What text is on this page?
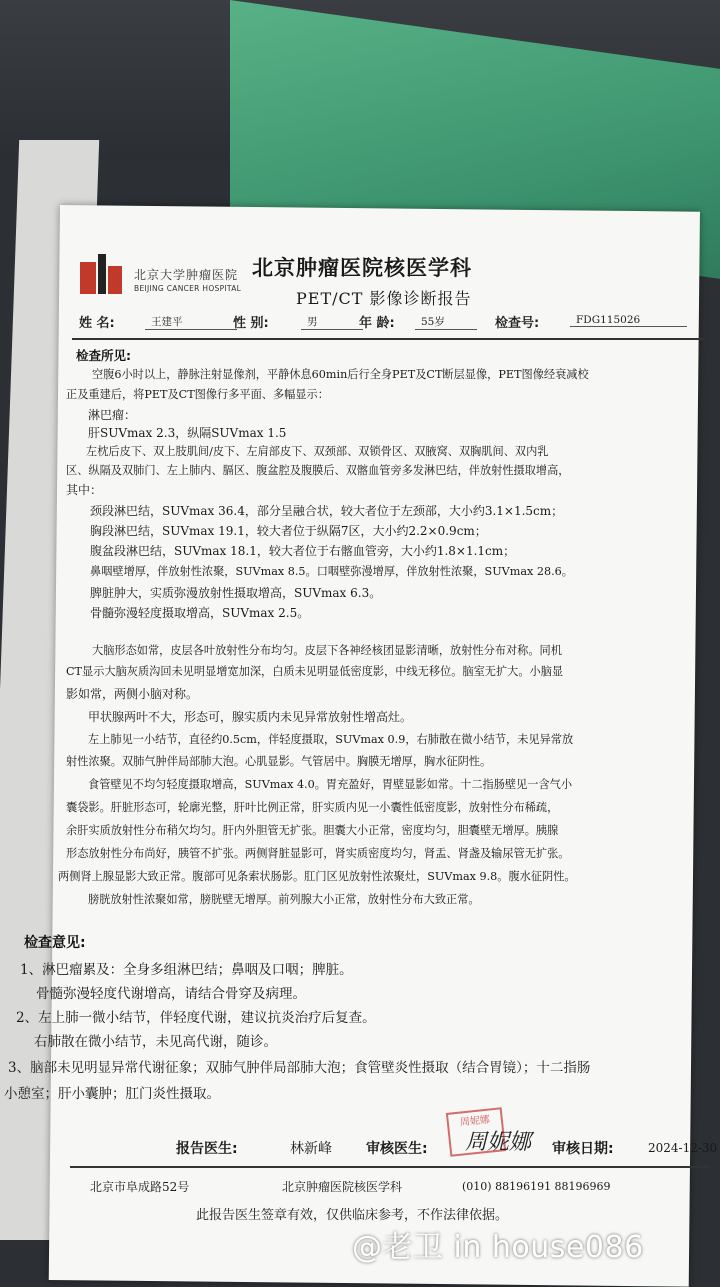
北京大学肿瘤医院
BEIJING CANCER HOSPITAL
北京肿瘤医院核医学科
PET/CT 影像诊断报告
姓 名:	王建平	性 别:	男	年 龄:	55岁	检查号:	FDG115026
检查所见:
空腹6小时以上，静脉注射显像剂，平静休息60min后行全身PET及CT断层显像，PET图像经衰减校
正及重建后，将PET及CT图像行多平面、多幅显示：
淋巴瘤：
肝SUVmax 2.3，纵隔SUVmax 1.5
左枕后皮下、双上肢肌间/皮下、左肩部皮下、双颈部、双锁骨区、双腋窝、双胸肌间、双内乳
区、纵隔及双肺门、左上肺内、膈区、腹盆腔及腹膜后、双髂血管旁多发淋巴结，伴放射性摄取增高，
其中：
颈段淋巴结，SUVmax 36.4，部分呈融合状，较大者位于左颈部，大小约3.1×1.5cm；
胸段淋巴结，SUVmax 19.1，较大者位于纵隔7区，大小约2.2×0.9cm；
腹盆段淋巴结，SUVmax 18.1，较大者位于右髂血管旁，大小约1.8×1.1cm；
鼻咽壁增厚，伴放射性浓聚，SUVmax 8.5。口咽壁弥漫增厚，伴放射性浓聚，SUVmax 28.6。
脾脏肿大，实质弥漫放射性摄取增高，SUVmax 6.3。
骨髓弥漫轻度摄取增高，SUVmax 2.5。
大脑形态如常，皮层各叶放射性分布均匀。皮层下各神经核团显影清晰，放射性分布对称。同机
CT显示大脑灰质沟回未见明显增宽加深，白质未见明显低密度影，中线无移位。脑室无扩大。小脑显
影如常，两侧小脑对称。
甲状腺两叶不大，形态可，腺实质内未见异常放射性增高灶。
左上肺见一小结节，直径约0.5cm，伴轻度摄取，SUVmax 0.9，右肺散在微小结节，未见异常放
射性浓聚。双肺气肿伴局部肺大泡。心肌显影。气管居中。胸膜无增厚，胸水征阴性。
食管壁见不均匀轻度摄取增高，SUVmax 4.0。胃充盈好，胃壁显影如常。十二指肠壁见一含气小
囊袋影。肝脏形态可，轮廓光整，肝叶比例正常，肝实质内见一小囊性低密度影，放射性分布稀疏，
余肝实质放射性分布稍欠均匀。肝内外胆管无扩张。胆囊大小正常，密度均匀，胆囊壁无增厚。胰腺
形态放射性分布尚好，胰管不扩张。两侧肾脏显影可，肾实质密度均匀，肾盂、肾盏及输尿管无扩张。
两侧肾上腺显影大致正常。腹部可见条索状肠影。肛门区见放射性浓聚灶，SUVmax 9.8。腹水征阴性。
膀胱放射性浓聚如常，膀胱壁无增厚。前列腺大小正常，放射性分布大致正常。
检查意见:
1、淋巴瘤累及：全身多组淋巴结；鼻咽及口咽；脾脏。
骨髓弥漫轻度代谢增高，请结合骨穿及病理。
2、左上肺一微小结节，伴轻度代谢，建议抗炎治疗后复查。
右肺散在微小结节，未见高代谢，随诊。
3、脑部未见明显异常代谢征象；双肺气肿伴局部肺大泡；食管壁炎性摄取（结合胃镜）；十二指肠
小憩室；肝小囊肿；肛门炎性摄取。
报告医生:	林新峰 审核医生:	审核日期:	2024-12-30
周妮娜
周妮娜
北京市阜成路52号	北京肿瘤医院核医学科	(010) 88196191 88196969
此报告医生签章有效，仅供临床参考，不作法律依据。
@老卫 in house086
